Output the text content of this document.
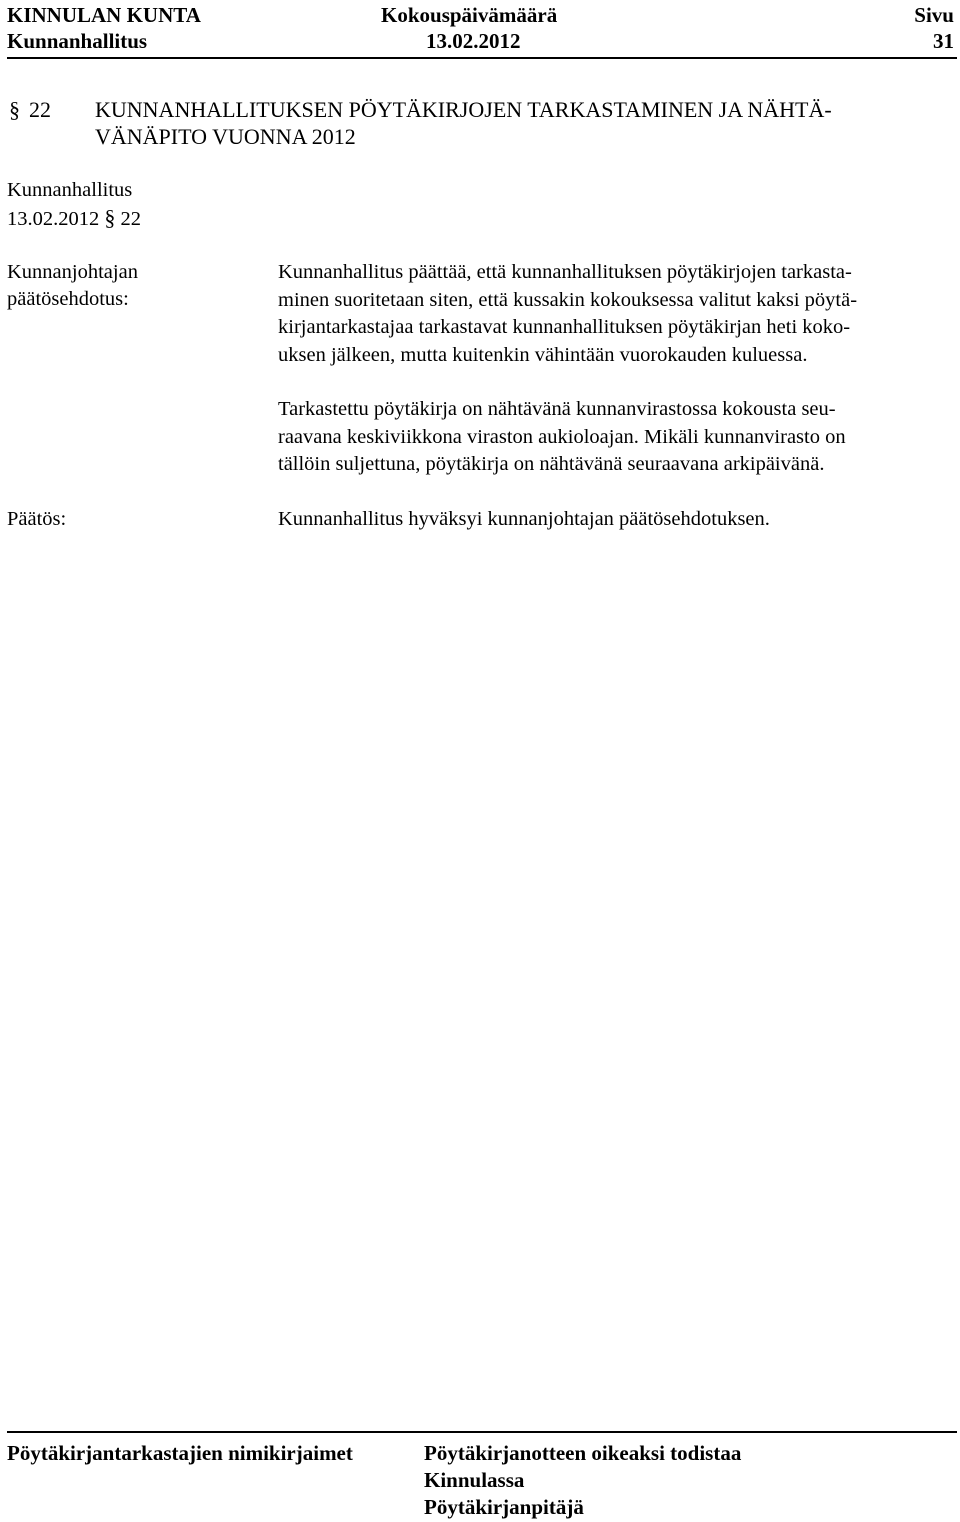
KINNULAN KUNTA
Kunnanhallitus
Kokouspäivämäärä
13.02.2012
Sivu
31
§ 22 KUNNANHALLITUKSEN PÖYTÄKIRJOJEN TARKASTAMINEN JA NÄHTÄ-
VÄNÄPITO VUONNA 2012
Kunnanhallitus
13.02.2012 § 22
Kunnanjohtajan
päätösehdotus:
Kunnanhallitus päättää, että kunnanhallituksen pöytäkirjojen tarkasta-
minen suoritetaan siten, että kussakin kokouksessa valitut kaksi pöytä-
kirjantarkastajaa tarkastavat kunnanhallituksen pöytäkirjan heti koko-
uksen jälkeen, mutta kuitenkin vähintään vuorokauden kuluessa.
Tarkastettu pöytäkirja on nähtävänä kunnanvirastossa kokousta seu-
raavana keskiviikkona viraston aukioloajan. Mikäli kunnanvirasto on
tällöin suljettuna, pöytäkirja on nähtävänä seuraavana arkipäivänä.
Päätös:	Kunnanhallitus hyväksyi kunnanjohtajan päätösehdotuksen.
Pöytäkirjantarkastajien nimikirjaimet	Pöytäkirjanotteen oikeaksi todistaa
Kinnulassa
Pöytäkirjanpitäjä
